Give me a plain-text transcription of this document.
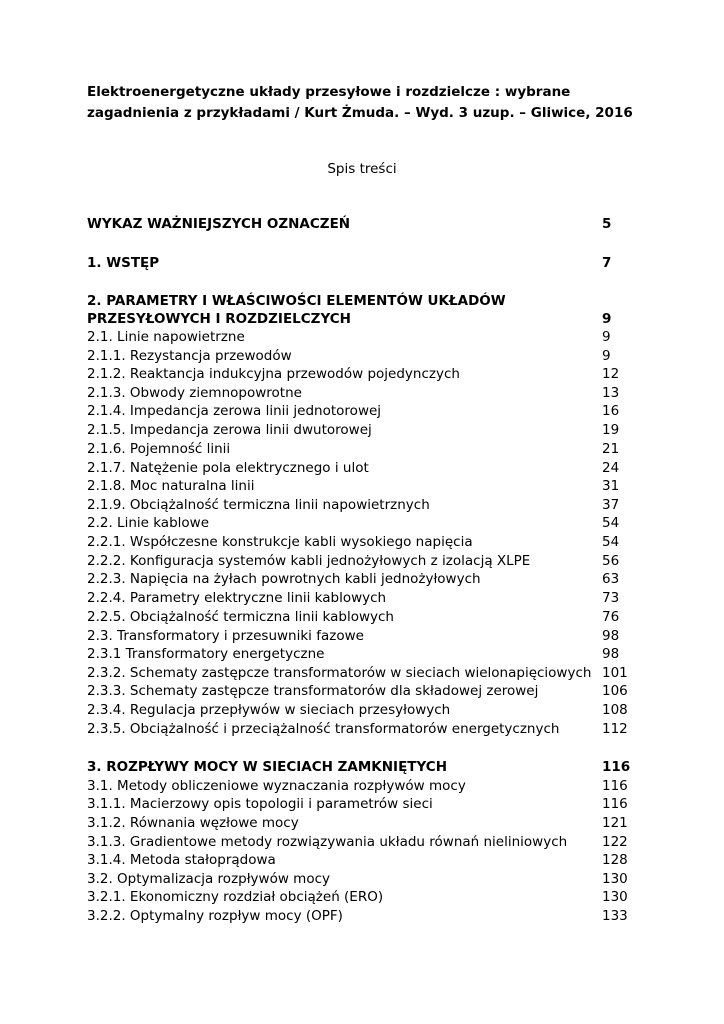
Elektroenergetyczne układy przesyłowe i rozdzielcze : wybrane
zagadnienia z przykładami / Kurt Żmuda. – Wyd. 3 uzup. – Gliwice, 2016
Spis treści
WYKAZ WAŻNIEJSZYCH OZNACZEŃ	5
1. WSTĘP	7
2. PARAMETRY I WŁAŚCIWOŚCI ELEMENTÓW UKŁADÓW
PRZESYŁOWYCH I ROZDZIELCZYCH	9
2.1. Linie napowietrzne	9
2.1.1. Rezystancja przewodów	9
2.1.2. Reaktancja indukcyjna przewodów pojedynczych	12
2.1.3. Obwody ziemnopowrotne	13
2.1.4. Impedancja zerowa linii jednotorowej	16
2.1.5. Impedancja zerowa linii dwutorowej	19
2.1.6. Pojemność linii	21
2.1.7. Natężenie pola elektrycznego i ulot	24
2.1.8. Moc naturalna linii	31
2.1.9. Obciążalność termiczna linii napowietrznych	37
2.2. Linie kablowe	54
2.2.1. Współczesne konstrukcje kabli wysokiego napięcia	54
2.2.2. Konfiguracja systemów kabli jednożyłowych z izolacją XLPE	56
2.2.3. Napięcia na żyłach powrotnych kabli jednożyłowych	63
2.2.4. Parametry elektryczne linii kablowych	73
2.2.5. Obciążalność termiczna linii kablowych	76
2.3. Transformatory i przesuwniki fazowe	98
2.3.1 Transformatory energetyczne	98
2.3.2. Schematy zastępcze transformatorów w sieciach wielonapięciowych 101
2.3.3. Schematy zastępcze transformatorów dla składowej zerowej	106
2.3.4. Regulacja przepływów w sieciach przesyłowych	108
2.3.5. Obciążalność i przeciążalność transformatorów energetycznych	112
3. ROZPŁYWY MOCY W SIECIACH ZAMKNIĘTYCH	116
3.1. Metody obliczeniowe wyznaczania rozpływów mocy	116
3.1.1. Macierzowy opis topologii i parametrów sieci	116
3.1.2. Równania węzłowe mocy	121
3.1.3. Gradientowe metody rozwiązywania układu równań nieliniowych	122
3.1.4. Metoda stałoprądowa	128
3.2. Optymalizacja rozpływów mocy	130
3.2.1. Ekonomiczny rozdział obciążeń (ERO)	130
3.2.2. Optymalny rozpływ mocy (OPF)	133
